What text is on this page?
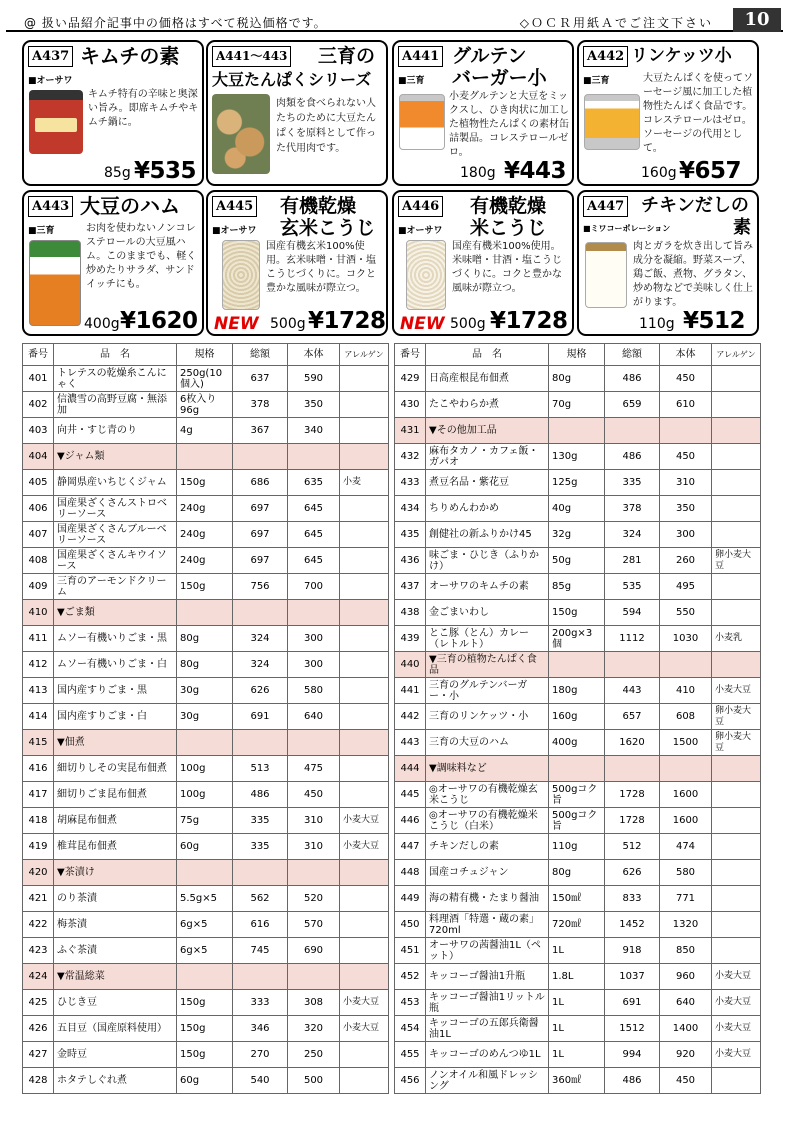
@ 扱い品紹介記事中の価格はすべて税込価格です。	◇ＯＣＲ用紙Ａでご注文下さい	10
A437 キムチの素
■ オーサワ
キムチ特有の辛味と奥深い旨み。即席キムチやキムチ鍋に。
85g ¥535
A441～443 三育の
大豆たんぱくシリーズ
肉類を食べられない人たちのために大豆たんぱくを原料として作った代用肉です。
A441 グルテン
バーガー小
■ 三育
小麦グルテンと大豆をミックスし、ひき肉状に加工した植物性たんぱくの素材缶詰製品。コレステロールゼロ。
180g ¥443
A442 リンケッツ小
■ 三育	大豆たんぱくを使ってソーセージ風に加工した植物性たんぱく食品です。コレステロールはゼロ。ソーセージの代用として。
160g ¥657
A443 大豆のハム
■ 三育	お肉を使わないノンコレステロールの大豆風ハム。このままでも、軽く炒めたりサラダ、サンドイッチにも。
400g ¥1620
A445 有機乾燥
玄米こうじ
■ オーサワ
国産有機玄米100%使用。玄米味噌・甘酒・塩こうじづくりに。コクと豊かな風味が際立つ。
NEW 500g ¥1728
A446 有機乾燥
米こうじ
■ オーサワ
国産有機米100%使用。米味噌・甘酒・塩こうじづくりに。コクと豊かな風味が際立つ。
NEW 500g ¥1728
A447 チキンだしの
素
■ ミワコーポレーション
肉とガラを炊き出して旨み成分を凝縮。野菜スープ、鶏ご飯、煮物、グラタン、炒め物などで美味しく仕上がります。
110g ¥512
番号	品　名	規格	総額	本体	アレルゲン
401	トレテスの乾燥糸こんにゃく	250g(10個入)	637	590	
402	信濃雪の高野豆腐・無添加	6枚入り96g	378	350	
403	向井・すじ青のり	4g	367	340	
404	▼ジャム類				
405	静岡県産いちじくジャム	150g	686	635	小麦
406	国産果ざくさんストロベリーソース	240g	697	645	
407	国産果ざくさんブルーベリーソース	240g	697	645	
408	国産果ざくさんキウイソース	240g	697	645	
409	三育のアーモンドクリーム	150g	756	700	
410	▼ごま類				
411	ムソー有機いりごま・黒	80g	324	300	
412	ムソー有機いりごま・白	80g	324	300	
413	国内産すりごま・黒	30g	626	580	
414	国内産すりごま・白	30g	691	640	
415	▼佃煮				
416	細切りしその実昆布佃煮	100g	513	475	
417	細切りごま昆布佃煮	100g	486	450	
418	胡麻昆布佃煮	75g	335	310	小麦大豆
419	椎茸昆布佃煮	60g	335	310	小麦大豆
420	▼茶漬け				
421	のり茶漬	5.5g×5	562	520	
422	梅茶漬	6g×5	616	570	
423	ふぐ茶漬	6g×5	745	690	
424	▼常温総菜				
425	ひじき豆	150g	333	308	小麦大豆
426	五目豆（国産原料使用）	150g	346	320	小麦大豆
427	金時豆	150g	270	250	
428	ホタテしぐれ煮	60g	540	500	
番号	品　名	規格	総額	本体	アレルゲン
429	日高産根昆布佃煮	80g	486	450	
430	たこやわらか煮	70g	659	610	
431	▼その他加工品				
432	麻布タカノ・カフェ飯・ガパオ	130g	486	450	
433	煮豆名品・紫花豆	125g	335	310	
434	ちりめんわかめ	40g	378	350	
435	創健社の新ふりかけ45	32g	324	300	
436	味ごま・ひじき（ふりかけ）	50g	281	260	卵小麦大豆
437	オーサワのキムチの素	85g	535	495	
438	金ごまいわし	150g	594	550	
439	とこ豚（とん）カレー（レトルト）	200g×3個	1112	1030	小麦乳
440	▼三育の植物たんぱく食品				
441	三育のグルテンバーガー・小	180g	443	410	小麦大豆
442	三育のリンケッツ・小	160g	657	608	卵小麦大豆
443	三育の大豆のハム	400g	1620	1500	卵小麦大豆
444	▼調味料など				
445	◎オーサワの有機乾燥玄米こうじ	500gコク旨	1728	1600	
446	◎オーサワの有機乾燥米こうじ（白米）	500gコク旨	1728	1600	
447	チキンだしの素	110g	512	474	
448	国産コチュジャン	80g	626	580	
449	海の精有機・たまり醤油	150㎖	833	771	
450	料理酒「特選・蔵の素」720ml	720㎖	1452	1320	
451	オーサワの茜醤油1L（ペット）	1L	918	850	
452	キッコーゴ醤油1升瓶	1.8L	1037	960	小麦大豆
453	キッコーゴ醤油1リットル瓶	1L	691	640	小麦大豆
454	キッコーゴの五郎兵衛醤油1L	1L	1512	1400	小麦大豆
455	キッコーゴのめんつゆ1L	1L	994	920	小麦大豆
456	ノンオイル和風ドレッシング	360㎖	486	450	
